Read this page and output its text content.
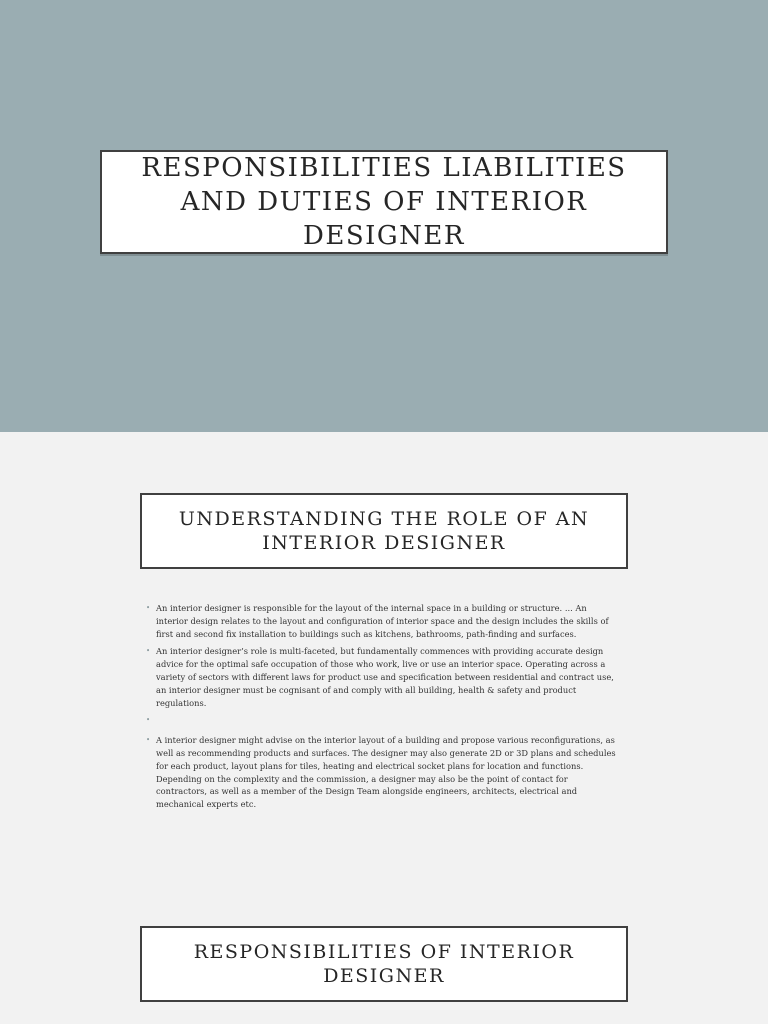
RESPONSIBILITIES LIABILITIES AND DUTIES OF INTERIOR DESIGNER
UNDERSTANDING THE ROLE OF AN INTERIOR DESIGNER
• An interior designer is responsible for the layout of the internal space in a building or structure. ... An interior design relates to the layout and configuration of interior space and the design includes the skills of first and second fix installation to buildings such as kitchens, bathrooms, path-finding and surfaces.
• An interior designer’s role is multi-faceted, but fundamentally commences with providing accurate design advice for the optimal safe occupation of those who work, live or use an interior space. Operating across a variety of sectors with different laws for product use and specification between residential and contract use, an interior designer must be cognisant of and comply with all building, health & safety and product regulations.
•
• A interior designer might advise on the interior layout of a building and propose various reconfigurations, as well as recommending products and surfaces. The designer may also generate 2D or 3D plans and schedules for each product, layout plans for tiles, heating and electrical socket plans for location and functions. Depending on the complexity and the commission, a designer may also be the point of contact for contractors, as well as a member of the Design Team alongside engineers, architects, electrical and mechanical experts etc.
RESPONSIBILITIES OF INTERIOR DESIGNER
